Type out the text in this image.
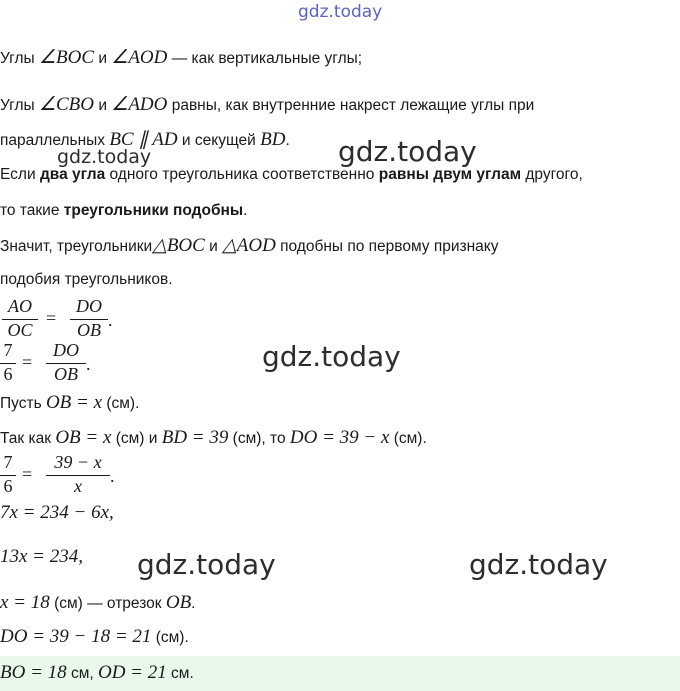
gdz.today
Углы ∠BOC и ∠AOD — как вертикальные углы;
Углы ∠CBO и ∠ADO равны, как внутренние накрест лежащие углы при
параллельных BC ∥ AD и секущей BD.
gdz.today	gdz.today
Если два угла одного треугольника соответственно равны двум углам другого,
то такие треугольники подобны.
Значит, треугольники△BOC и △AOD подобны по первому признаку
подобия треугольников.
AO
OC
=
DO
OB .
7
6
=
DO
OB .	gdz.today
Пусть OB = x (см).
Так как OB = x (см) и BD = 39 (см), то DO = 39 − x (см).
7
6
=
39 − x
x	.
7x = 234 − 6x,
13x = 234, gdz.today	gdz.today
x = 18 (см) — отрезок OB.
DO = 39 − 18 = 21 (см).
BO = 18 см, OD = 21 см.
